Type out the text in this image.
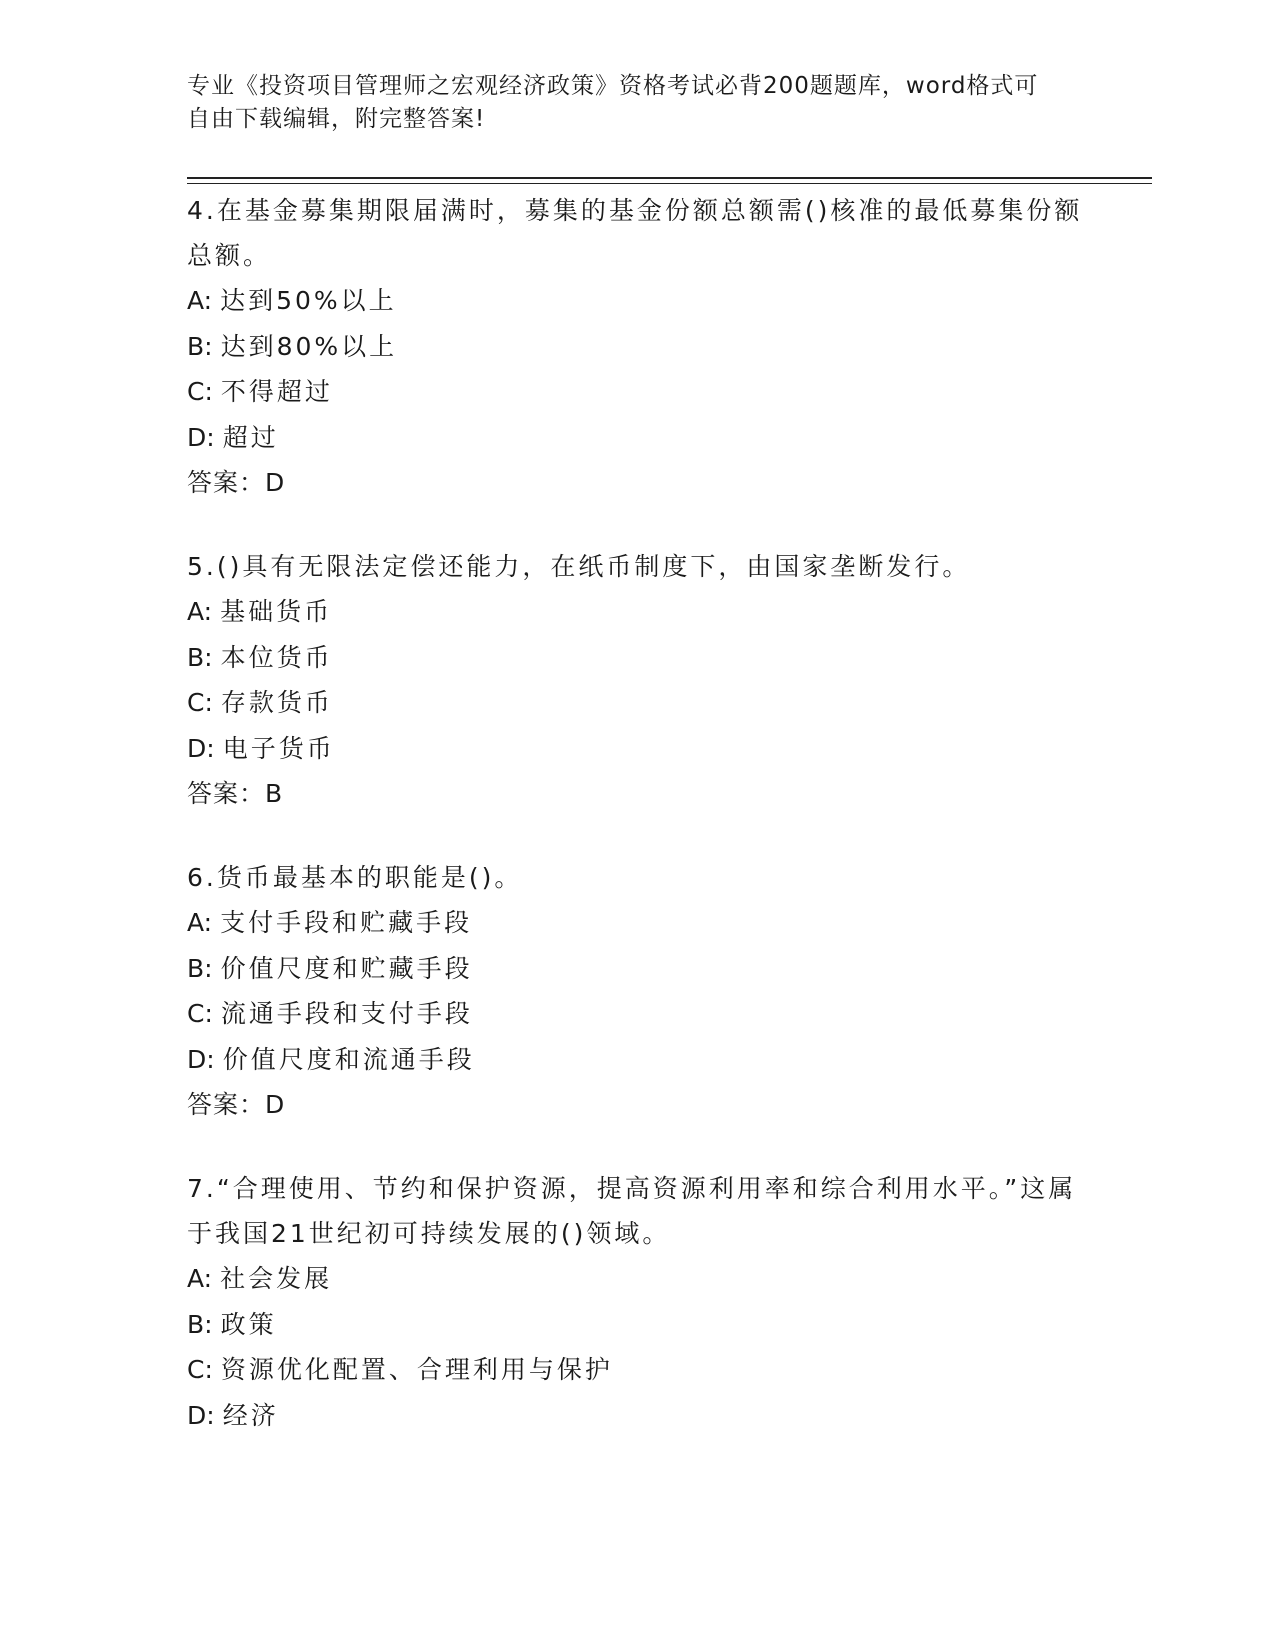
专业《投资项目管理师之宏观经济政策》资格考试必背200题题库，word格式可
自由下载编辑，附完整答案!
4.在基金募集期限届满时，募集的基金份额总额需()核准的最低募集份额总额。
A: 达到50%以上
B: 达到80%以上
C: 不得超过
D: 超过
答案：D
5.()具有无限法定偿还能力，在纸币制度下，由国家垄断发行。
A: 基础货币
B: 本位货币
C: 存款货币
D: 电子货币
答案：B
6.货币最基本的职能是()。
A: 支付手段和贮藏手段
B: 价值尺度和贮藏手段
C: 流通手段和支付手段
D: 价值尺度和流通手段
答案：D
7.“合理使用、节约和保护资源，提高资源利用率和综合利用水平。”这属于我国21世纪初可持续发展的()领域。
A: 社会发展
B: 政策
C: 资源优化配置、合理利用与保护
D: 经济
